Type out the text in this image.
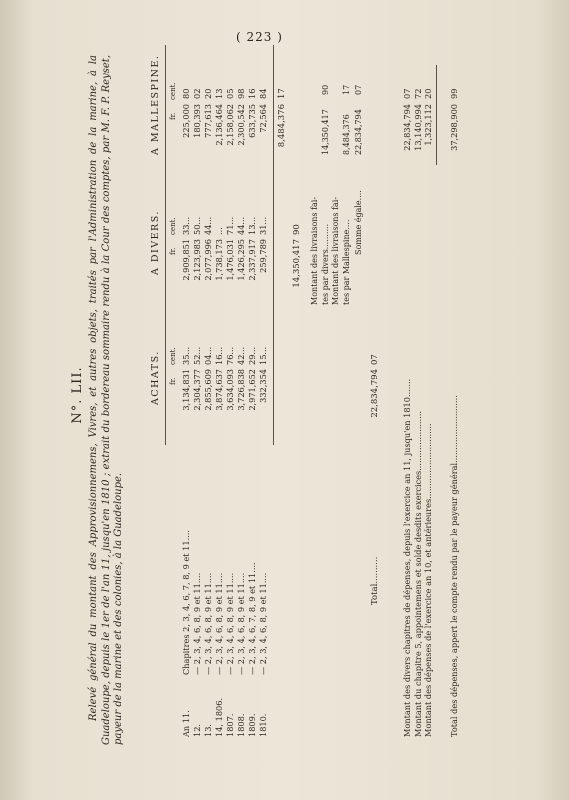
( 223 )
N°. LII. Relevé général du montant des Approvisionnemens, Vivres, et autres objets, traités par l'Administration de la marine, à la Guadeloupe, depuis le 1er de l'an 11, jusqu'en 1810 ; extrait du bordereau sommaire rendu à la Cour des comptes, par M. F. P. Reyset, payeur de la marine et des colonies, à la Guadeloupe.
ACHATS.
A DIVERS.
A MALLESPINE.
fr.
cent.
fr.
cent.
fr.
cent.
An 11.
Chapitres 2, 3, 4, 6, 7, 8, 9 et 11....
3,134,831
35...
2,909,851
33...
225,000
80
12.
— 2, 3, 4, 6, 8, 9 et 11....
2,304,377
52...
2,123,983
50...
180,393
02
13.
— 2, 3, 4, 6, 8, 9 et 11....
2,855,609
04...
2,077,996
44...
777,613
20
14, 1806.
— 2, 3, 4, 6, 8, 9 et 11....
3,874,637
16...
1,738,173
...
2,136,464
13
1807.
— 2, 3, 4, 6, 8, 9 et 11....
3,634,093
76...
1,476,031
71...
2,158,062
05
1808.
— 2, 3, 4, 6, 8, 9 et 11....
3,726,838
42...
1,426,295
44...
2,300,542
98
1809.
— 2, 3, 4, 6, 7, 8, 9 et 11....
2,971,652
29...
2,337,917
13...
633,735
16
1810.
— 2, 3, 4, 6, 8, 9 et 11....
332,354
15...
259,789
31...
72,564
84
8,484,376
17
14,350,417
90 Montant des livraisons fai- tes par divers..........
14,350,417
90
Montant des livraisons fai- tes par Mallespine....
8,484,376
17
Somme égale....
22,834,794
07
Total..........
22,834,794
07
Montant des divers chapitres de dépenses, depuis l'exercice an 11, jusqu'en 1810.......
22,834,794
07
Montant du chapitre 5, appointemens et solde desdits exercices.......................
13,140,994
72
Montant des dépenses de l'exercice an 10, et antérieures.............................
1,323,112
20
Total des dépenses, appert le compte rendu par le payeur général..........................
37,298,900
99
